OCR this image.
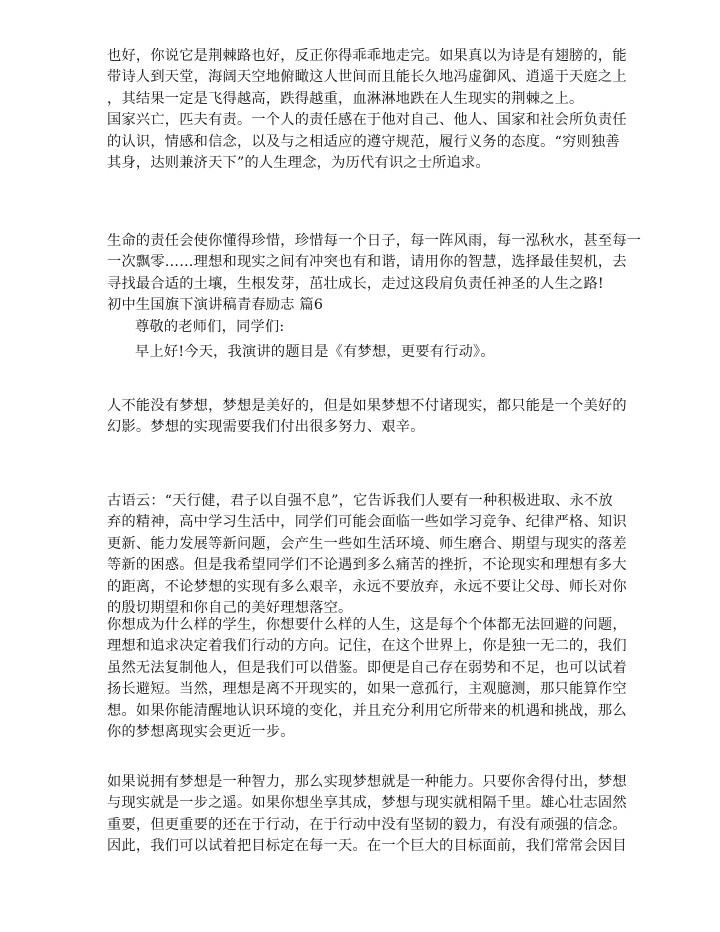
也好，你说它是荆棘路也好，反正你得乖乖地走完。如果真以为诗是有翅膀的，能
带诗人到天堂，海阔天空地俯瞰这人世间而且能长久地冯虚御风、逍遥于天庭之上
，其结果一定是飞得越高，跌得越重，血淋淋地跌在人生现实的荆棘之上。
国家兴亡，匹夫有责。一个人的责任感在于他对自己、他人、国家和社会所负责任
的认识，情感和信念，以及与之相适应的遵守规范，履行义务的态度。“穷则独善
其身，达则兼济天下”的人生理念，为历代有识之士所追求。
生命的责任会使你懂得珍惜，珍惜每一个日子，每一阵风雨，每一泓秋水，甚至每一
一次飘零……理想和现实之间有冲突也有和谐，请用你的智慧，选择最佳契机，去
寻找最合适的土壤，生根发芽，茁壮成长，走过这段肩负责任神圣的人生之路!
初中生国旗下演讲稿青春励志 篇6
尊敬的老师们，同学们:
早上好!今天，我演讲的题目是《有梦想，更要有行动》。
人不能没有梦想，梦想是美好的，但是如果梦想不付诸现实，都只能是一个美好的
幻影。梦想的实现需要我们付出很多努力、艰辛。
古语云：“天行健，君子以自强不息”，它告诉我们人要有一种积极进取、永不放
弃的精神，高中学习生活中，同学们可能会面临一些如学习竞争、纪律严格、知识
更新、能力发展等新问题，会产生一些如生活环境、师生磨合、期望与现实的落差
等新的困惑。但是我希望同学们不论遇到多么痛苦的挫折，不论现实和理想有多大
的距离，不论梦想的实现有多么艰辛，永远不要放弃，永远不要让父母、师长对你
的殷切期望和你自己的美好理想落空。
你想成为什么样的学生，你想要什么样的人生，这是每个个体都无法回避的问题，
理想和追求决定着我们行动的方向。记住，在这个世界上，你是独一无二的，我们
虽然无法复制他人，但是我们可以借鉴。即便是自己存在弱势和不足，也可以试着
扬长避短。当然，理想是离不开现实的，如果一意孤行，主观臆测，那只能算作空
想。如果你能清醒地认识环境的变化，并且充分利用它所带来的机遇和挑战，那么
你的梦想离现实会更近一步。
如果说拥有梦想是一种智力，那么实现梦想就是一种能力。只要你舍得付出，梦想
与现实就是一步之遥。如果你想坐享其成，梦想与现实就相隔千里。雄心壮志固然
重要，但更重要的还在于行动，在于行动中没有坚韧的毅力，有没有顽强的信念。
因此，我们可以试着把目标定在每一天。在一个巨大的目标面前，我们常常会因目
